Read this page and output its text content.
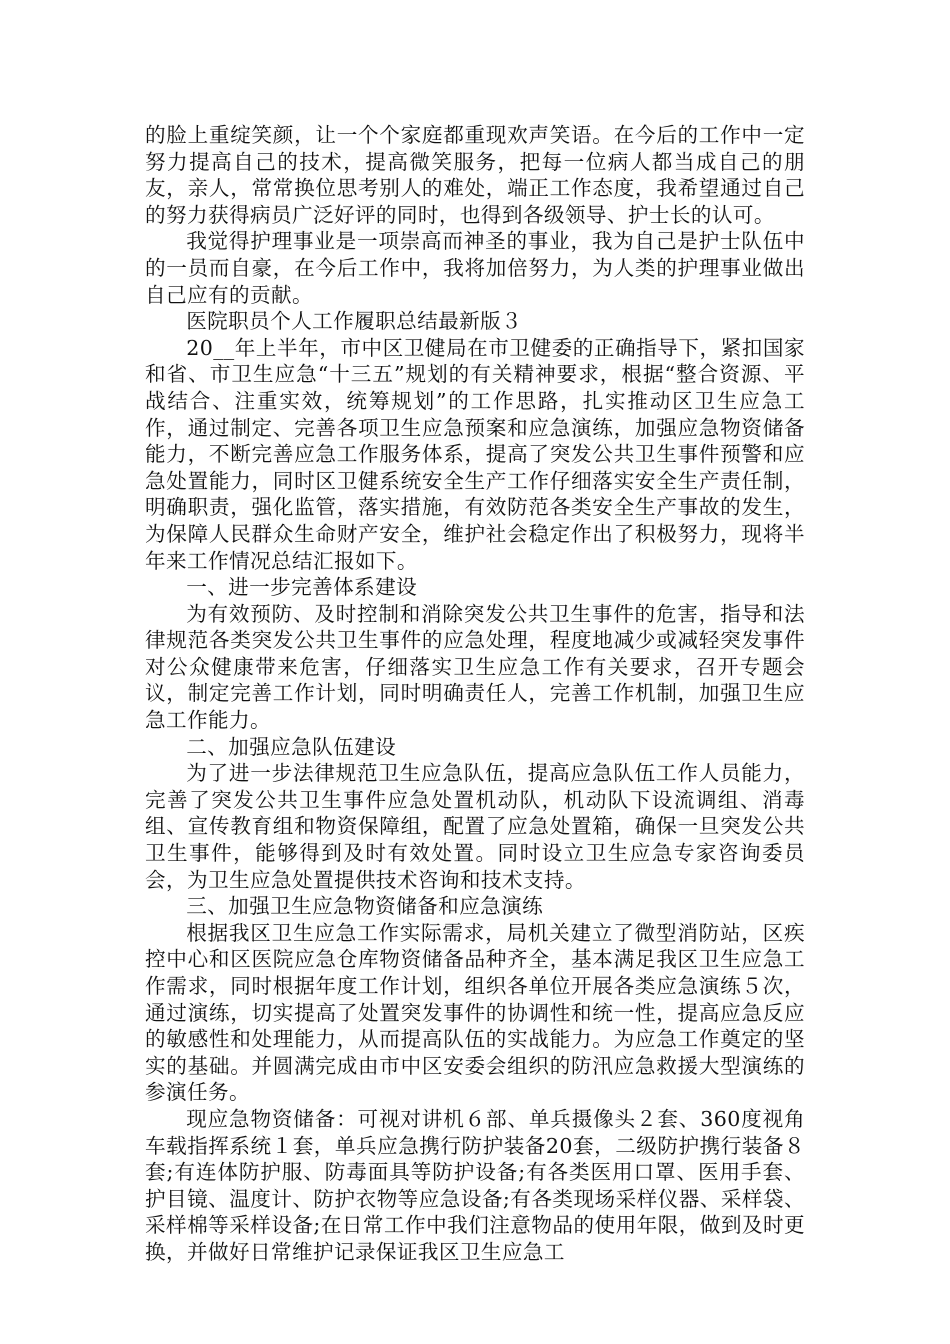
的脸上重绽笑颜，让一个个家庭都重现欢声笑语。在今后的工作中一定努力提高自己的技术，提高微笑服务，把每一位病人都当成自己的朋友，亲人，常常换位思考别人的难处，端正工作态度，我希望通过自己的努力获得病员广泛好评的同时，也得到各级领导、护士长的认可。

我觉得护理事业是一项崇高而神圣的事业，我为自己是护士队伍中的一员而自豪，在今后工作中，我将加倍努力，为人类的护理事业做出自己应有的贡献。

医院职员个人工作履职总结最新版３

20__年上半年，市中区卫健局在市卫健委的正确指导下，紧扣国家和省、市卫生应急“十三五”规划的有关精神要求，根据“整合资源、平战结合、注重实效，统筹规划”的工作思路，扎实推动区卫生应急工作，通过制定、完善各项卫生应急预案和应急演练，加强应急物资储备能力，不断完善应急工作服务体系，提高了突发公共卫生事件预警和应急处置能力，同时区卫健系统安全生产工作仔细落实安全生产责任制，明确职责，强化监管，落实措施，有效防范各类安全生产事故的发生，为保障人民群众生命财产安全，维护社会稳定作出了积极努力，现将半年来工作情况总结汇报如下。

一、进一步完善体系建设

为有效预防、及时控制和消除突发公共卫生事件的危害，指导和法律规范各类突发公共卫生事件的应急处理，程度地减少或减轻突发事件对公众健康带来危害，仔细落实卫生应急工作有关要求，召开专题会议，制定完善工作计划，同时明确责任人，完善工作机制，加强卫生应急工作能力。

二、加强应急队伍建设

为了进一步法律规范卫生应急队伍，提高应急队伍工作人员能力，完善了突发公共卫生事件应急处置机动队，机动队下设流调组、消毒组、宣传教育组和物资保障组，配置了应急处置箱，确保一旦突发公共卫生事件，能够得到及时有效处置。同时设立卫生应急专家咨询委员会，为卫生应急处置提供技术咨询和技术支持。

三、加强卫生应急物资储备和应急演练

根据我区卫生应急工作实际需求，局机关建立了微型消防站，区疾控中心和区医院应急仓库物资储备品种齐全，基本满足我区卫生应急工作需求，同时根据年度工作计划，组织各单位开展各类应急演练５次，通过演练，切实提高了处置突发事件的协调性和统一性，提高应急反应的敏感性和处理能力，从而提高队伍的实战能力。为应急工作奠定的坚实的基础。并圆满完成由市中区安委会组织的防汛应急救援大型演练的参演任务。

现应急物资储备：可视对讲机６部、单兵摄像头２套、360度视角车载指挥系统１套，单兵应急携行防护装备20套，二级防护携行装备８套;有连体防护服、防毒面具等防护设备;有各类医用口罩、医用手套、护目镜、温度计、防护衣物等应急设备;有各类现场采样仪器、采样袋、采样棉等采样设备;在日常工作中我们注意物品的使用年限，做到及时更换，并做好日常维护记录保证我区卫生应急工
